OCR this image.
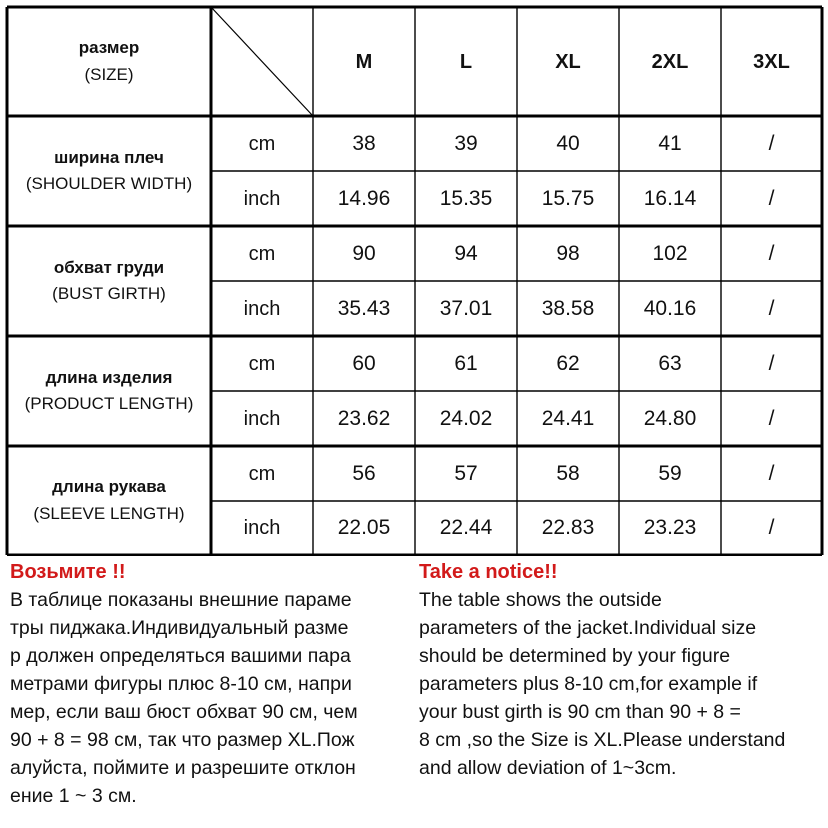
размер
(SIZE)
M	L	XL	2XL	3XL
ширина плеч
(SHOULDER WIDTH)
cm	38	39	40	41	/
inch	14.96	15.35	15.75	16.14	/
обхват груди
(BUST GIRTH)
cm	90	94	98	102	/
inch	35.43	37.01	38.58	40.16	/
длина изделия
(PRODUCT LENGTH)
cm	60	61	62	63	/
inch	23.62	24.02	24.41	24.80	/
длина рукава
(SLEEVE LENGTH)
cm	56	57	58	59	/
inch	22.05	22.44	22.83	23.23	/
Возьмите !!
В таблице показаны внешние параме
тры пиджака.Индивидуальный разме
р должен определяться вашими пара
метрами фигуры плюс 8-10 см, напри
мер, если ваш бюст обхват 90 см, чем
90 + 8 = 98 см, так что размер XL.Пож
алуйста, поймите и разрешите отклон
ение 1 ~ 3 см.
Take a notice!!
The table shows the outside
parameters of the jacket.Individual size
should be determined by your figure
parameters plus 8-10 cm,for example if
your bust girth is 90 cm than 90 + 8 =
8 cm ,so the Size is XL.Please understand
and allow deviation of 1~3cm.
